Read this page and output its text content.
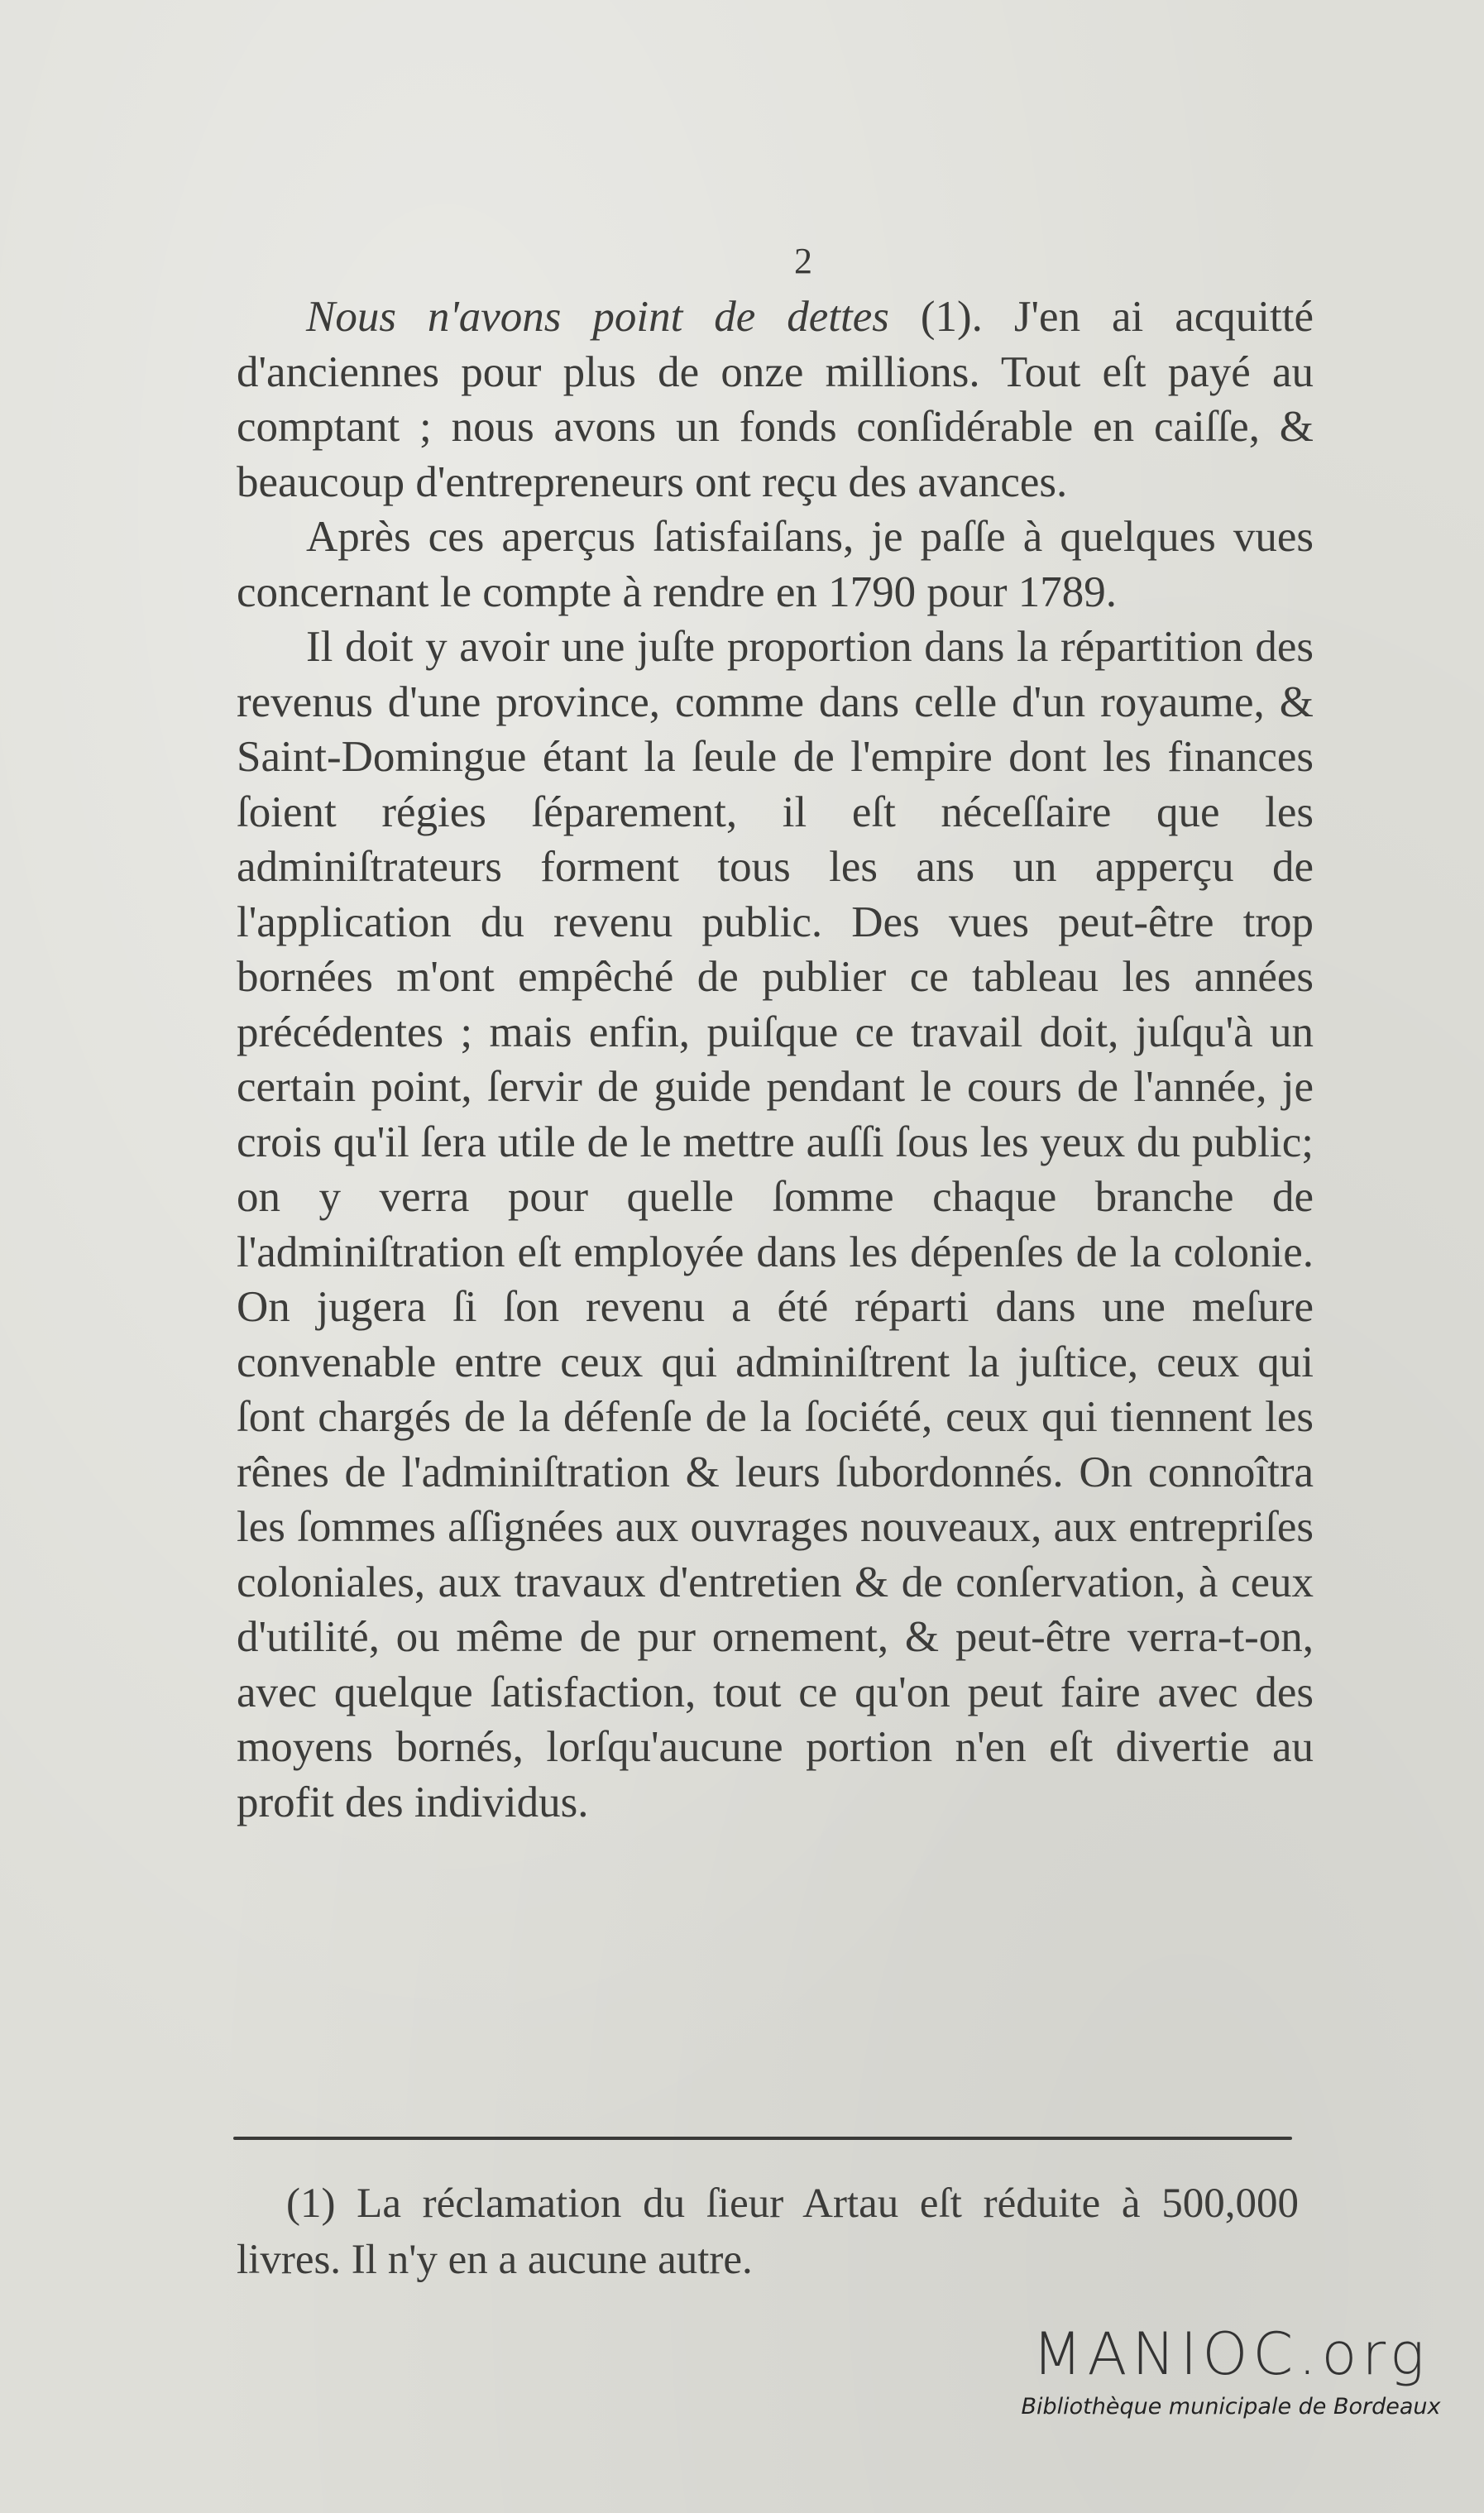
2

Nous n'avons point de dettes (1). J'en ai acquitté d'anciennes pour plus de onze millions. Tout eſt payé au comptant ; nous avons un fonds conſidérable en caiſſe, & beaucoup d'entrepreneurs ont reçu des avances.

Après ces aperçus ſatisfaiſans, je paſſe à quelques vues concernant le compte à rendre en 1790 pour 1789.

Il doit y avoir une juſte proportion dans la répartition des revenus d'une province, comme dans celle d'un royaume, & Saint-Domingue étant la ſeule de l'empire dont les finances ſoient régies ſéparement, il eſt néceſſaire que les adminiſtrateurs forment tous les ans un apperçu de l'application du revenu public. Des vues peut-être trop bornées m'ont empêché de publier ce tableau les années précédentes ; mais enfin, puiſque ce travail doit, juſqu'à un certain point, ſervir de guide pendant le cours de l'année, je crois qu'il ſera utile de le mettre auſſi ſous les yeux du public; on y verra pour quelle ſomme chaque branche de l'adminiſtration eſt employée dans les dépenſes de la colonie. On jugera ſi ſon revenu a été réparti dans une meſure convenable entre ceux qui adminiſtrent la juſtice, ceux qui ſont chargés de la défenſe de la ſociété, ceux qui tiennent les rênes de l'adminiſtration & leurs ſubordonnés. On connoîtra les ſommes aſſignées aux ouvrages nouveaux, aux entrepriſes coloniales, aux travaux d'entretien & de conſervation, à ceux d'utilité, ou même de pur ornement, & peut-être verra-t-on, avec quelque ſatisfaction, tout ce qu'on peut faire avec des moyens bornés, lorſqu'aucune portion n'en eſt divertie au profit des individus.

(1) La réclamation du ſieur Artau eſt réduite à 500,000 livres. Il n'y en a aucune autre.

MANIOC.org
Bibliothèque municipale de Bordeaux
